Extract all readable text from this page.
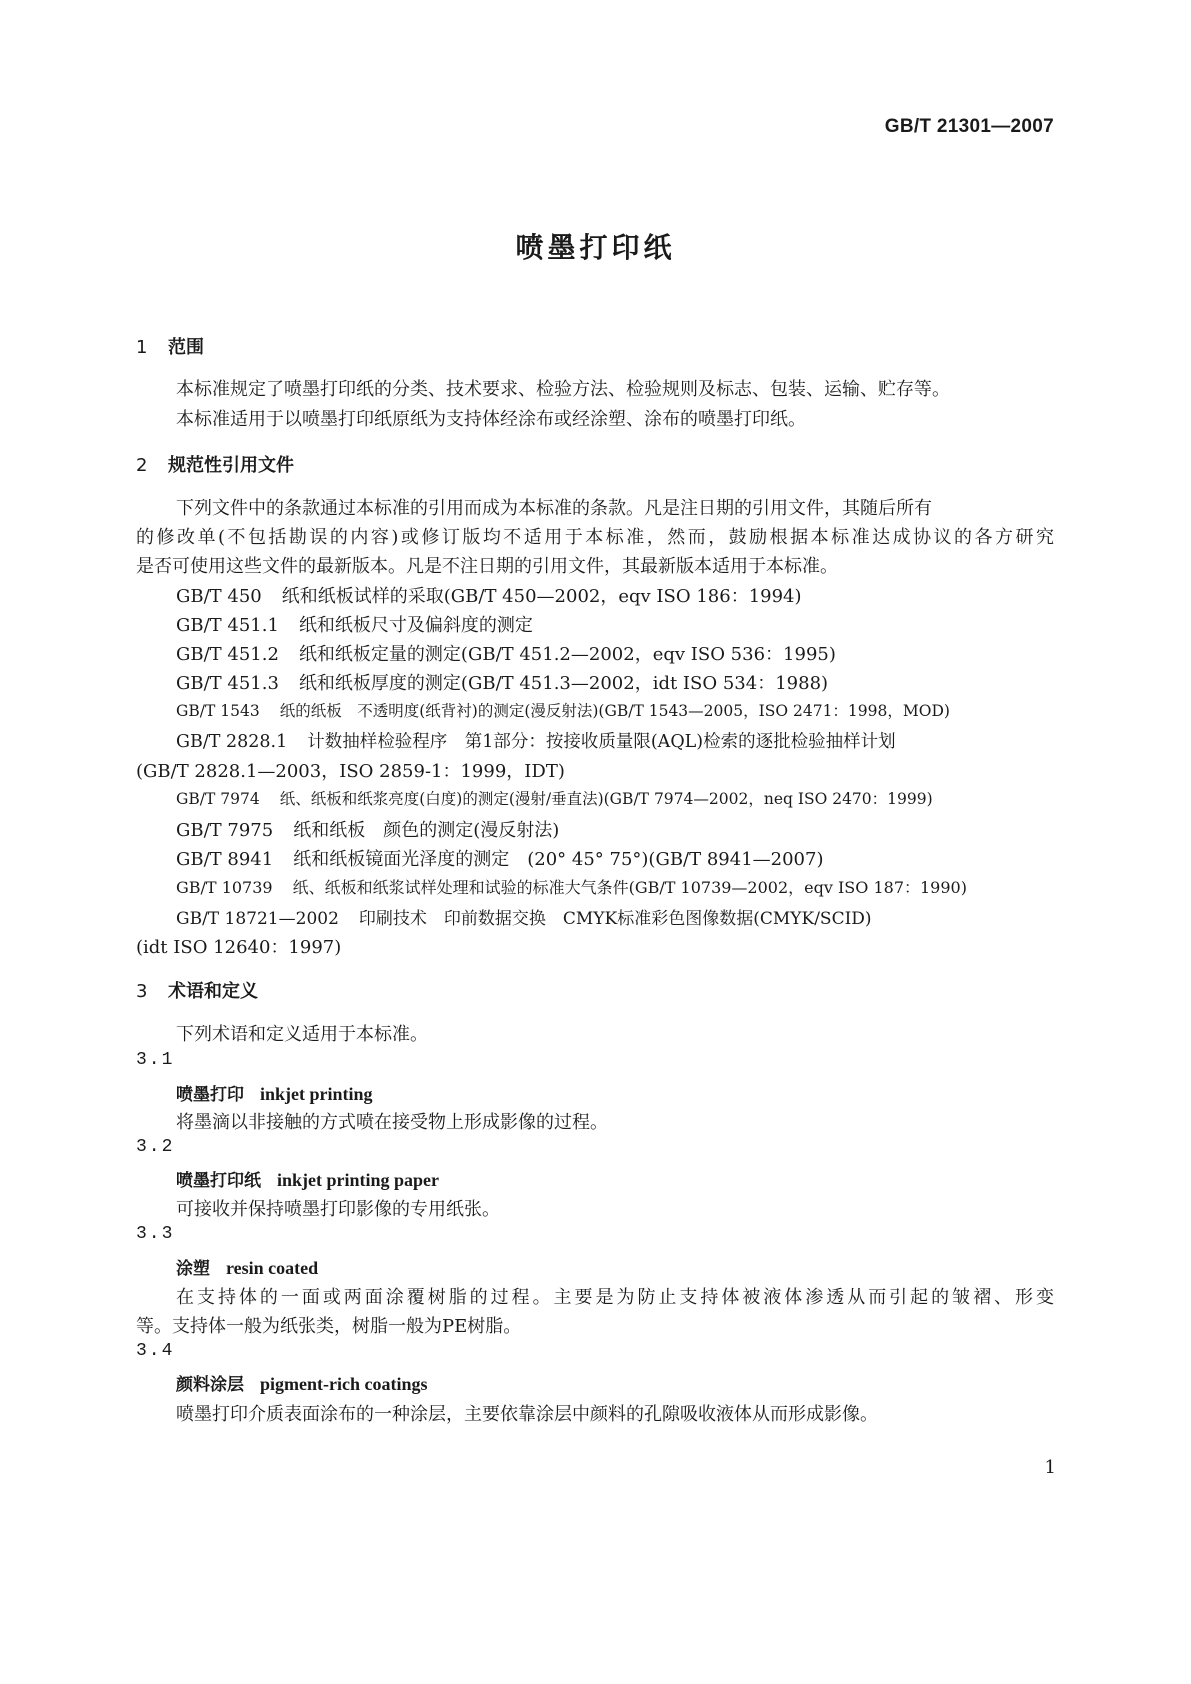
GB/T 21301—2007
喷墨打印纸
1 范围
本标准规定了喷墨打印纸的分类、技术要求、检验方法、检验规则及标志、包装、运输、贮存等。
本标准适用于以喷墨打印纸原纸为支持体经涂布或经涂塑、涂布的喷墨打印纸。
2 规范性引用文件
下列文件中的条款通过本标准的引用而成为本标准的条款。凡是注日期的引用文件，其随后所有
的修改单(不包括勘误的内容)或修订版均不适用于本标准，然而，鼓励根据本标准达成协议的各方研究
是否可使用这些文件的最新版本。凡是不注日期的引用文件，其最新版本适用于本标准。
GB/T 450 纸和纸板试样的采取(GB/T 450—2002，eqv ISO 186：1994)
GB/T 451.1 纸和纸板尺寸及偏斜度的测定
GB/T 451.2 纸和纸板定量的测定(GB/T 451.2—2002，eqv ISO 536：1995)
GB/T 451.3 纸和纸板厚度的测定(GB/T 451.3—2002，idt ISO 534：1988)
GB/T 1543 纸的纸板　不透明度(纸背衬)的测定(漫反射法)(GB/T 1543—2005，ISO 2471：1998，MOD)
GB/T 2828.1 计数抽样检验程序　第1部分：按接收质量限(AQL)检索的逐批检验抽样计划
(GB/T 2828.1—2003，ISO 2859-1：1999，IDT)
GB/T 7974 纸、纸板和纸浆亮度(白度)的测定(漫射/垂直法)(GB/T 7974—2002，neq ISO 2470：1999)
GB/T 7975 纸和纸板　颜色的测定(漫反射法)
GB/T 8941 纸和纸板镜面光泽度的测定　(20° 45° 75°)(GB/T 8941—2007)
GB/T 10739 纸、纸板和纸浆试样处理和试验的标准大气条件(GB/T 10739—2002，eqv ISO 187：1990)
GB/T 18721—2002 印刷技术　印前数据交换　CMYK标准彩色图像数据(CMYK/SCID)
(idt ISO 12640：1997)
3 术语和定义
下列术语和定义适用于本标准。
3.1
喷墨打印 inkjet printing
将墨滴以非接触的方式喷在接受物上形成影像的过程。
3.2
喷墨打印纸 inkjet printing paper
可接收并保持喷墨打印影像的专用纸张。
3.3
涂塑 resin coated
在支持体的一面或两面涂覆树脂的过程。主要是为防止支持体被液体渗透从而引起的皱褶、形变
等。支持体一般为纸张类，树脂一般为PE树脂。
3.4
颜料涂层 pigment-rich coatings
喷墨打印介质表面涂布的一种涂层，主要依靠涂层中颜料的孔隙吸收液体从而形成影像。
1
